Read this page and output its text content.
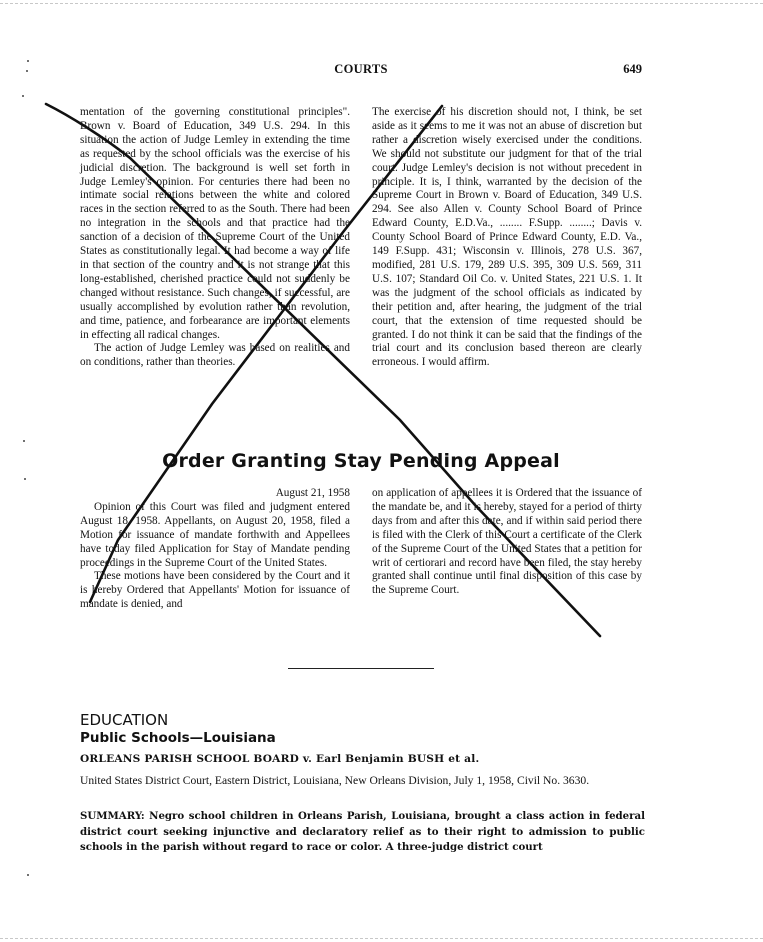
COURTS	649

mentation of the governing constitutional principles". Brown v. Board of Education, 349 U.S. 294. In this situation the action of Judge Lemley in extending the time as requested by the school officials was the exercise of his judicial discretion. The background is well set forth in Judge Lemley's opinion. For centuries there had been no intimate social relations between the white and colored races in the section referred to as the South. There had been no integration in the schools and that practice had the sanction of a decision of the Supreme Court of the United States as constitutionally legal. It had become a way of life in that section of the country and it is not strange that this long-established, cherished practice could not suddenly be changed without resistance. Such changes, if successful, are usually accomplished by evolution rather than revolution, and time, patience, and forbearance are important elements in effecting all radical changes.

The action of Judge Lemley was based on realities and on conditions, rather than theories.

The exercise of his discretion should not, I think, be set aside as it seems to me it was not an abuse of discretion but rather a discretion wisely exercised under the conditions. We should not substitute our judgment for that of the trial court. Judge Lemley's decision is not without precedent in principle. It is, I think, warranted by the decision of the Supreme Court in Brown v. Board of Education, 349 U.S. 294. See also Allen v. County School Board of Prince Edward County, E.D.Va., ........ F.Supp. ........; Davis v. County School Board of Prince Edward County, E.D. Va., 149 F.Supp. 431; Wisconsin v. Illinois, 278 U.S. 367, modified, 281 U.S. 179, 289 U.S. 395, 309 U.S. 569, 311 U.S. 107; Standard Oil Co. v. United States, 221 U.S. 1. It was the judgment of the school officials as indicated by their petition and, after hearing, the judgment of the trial court, that the extension of time requested should be granted. I do not think it can be said that the findings of the trial court and its conclusion based thereon are clearly erroneous. I would affirm.

Order Granting Stay Pending Appeal

August 21, 1958

Opinion of this Court was filed and judgment entered August 18, 1958. Appellants, on August 20, 1958, filed a Motion for issuance of mandate forthwith and Appellees have today filed Application for Stay of Mandate pending proceedings in the Supreme Court of the United States.

These motions have been considered by the Court and it is hereby Ordered that Appellants' Motion for issuance of mandate is denied, and

on application of appellees it is Ordered that the issuance of the mandate be, and it is hereby, stayed for a period of thirty days from and after this date, and if within said period there is filed with the Clerk of this Court a certificate of the Clerk of the Supreme Court of the United States that a petition for writ of certiorari and record have been filed, the stay hereby granted shall continue until final disposition of this case by the Supreme Court.

EDUCATION
Public Schools—Louisiana
ORLEANS PARISH SCHOOL BOARD v. Earl Benjamin BUSH et al.
United States District Court, Eastern District, Louisiana, New Orleans Division, July 1, 1958, Civil No. 3630.
SUMMARY: Negro school children in Orleans Parish, Louisiana, brought a class action in federal district court seeking injunctive and declaratory relief as to their right to admission to public schools in the parish without regard to race or color. A three-judge district court
